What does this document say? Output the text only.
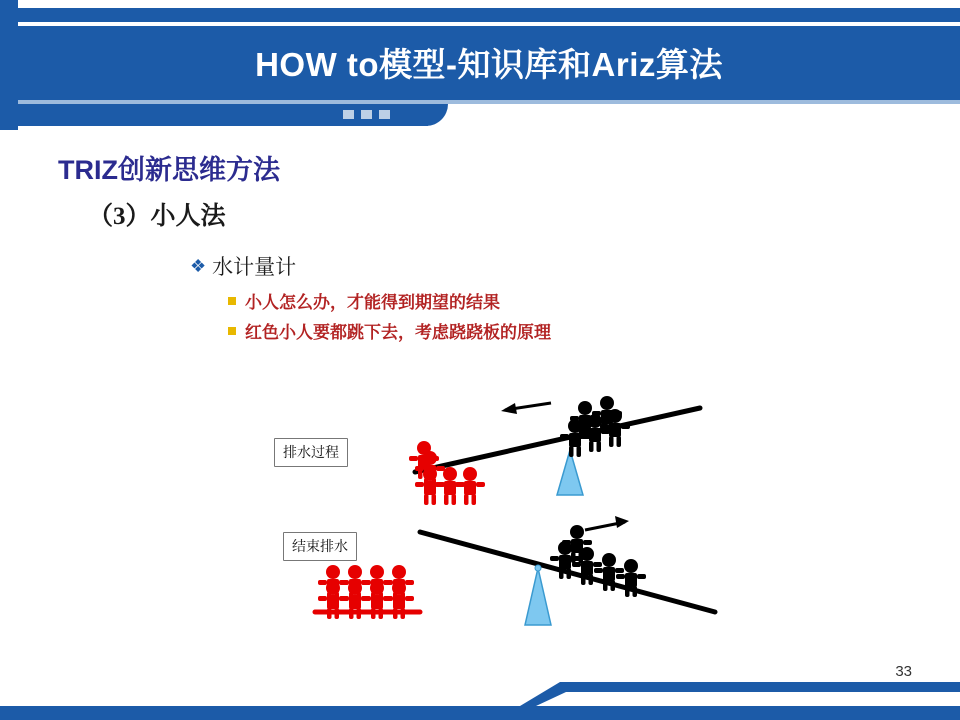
HOW to模型-知识库和Ariz算法
TRIZ创新思维方法
（3）小人法
❖ 水计量计
小人怎么办，才能得到期望的结果
红色小人要都跳下去，考虑跷跷板的原理
排水过程
结束排水
33
